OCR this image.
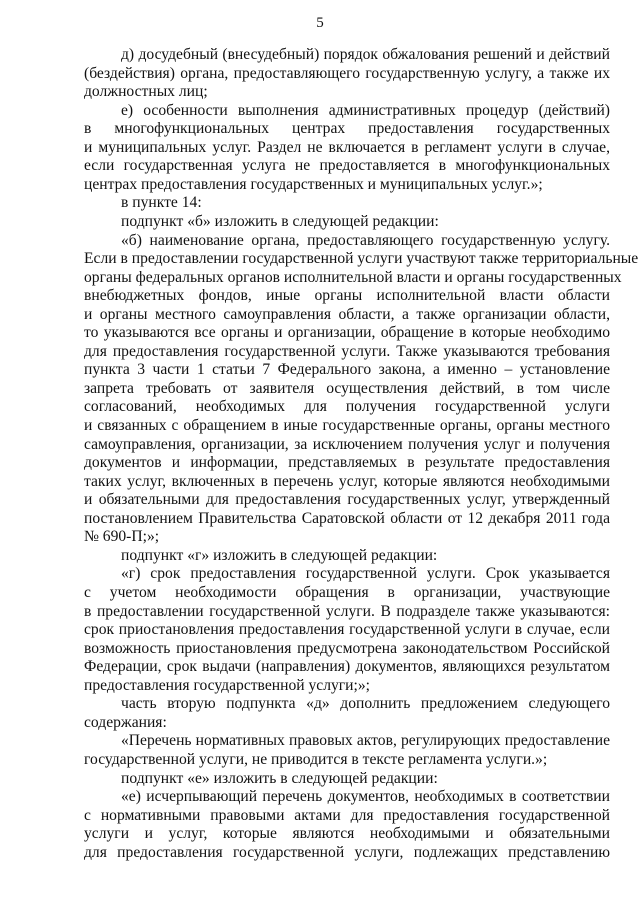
5
д) досудебный (внесудебный) порядок обжалования решений и действий
(бездействия) органа, предоставляющего государственную услугу, а также их
должностных лиц;
е) особенности выполнения административных процедур (действий)
в многофункциональных центрах предоставления государственных
и муниципальных услуг. Раздел не включается в регламент услуги в случае,
если государственная услуга не предоставляется в многофункциональных
центрах предоставления государственных и муниципальных услуг.»;
в пункте 14:
подпункт «б» изложить в следующей редакции:
«б) наименование органа, предоставляющего государственную услугу.
Если в предоставлении государственной услуги участвуют также территориальные
органы федеральных органов исполнительной власти и органы государственных
внебюджетных фондов, иные органы исполнительной власти области
и органы местного самоуправления области, а также организации области,
то указываются все органы и организации, обращение в которые необходимо
для предоставления государственной услуги. Также указываются требования
пункта 3 части 1 статьи 7 Федерального закона, а именно – установление
запрета требовать от заявителя осуществления действий, в том числе
согласований, необходимых для получения государственной услуги
и связанных с обращением в иные государственные органы, органы местного
самоуправления, организации, за исключением получения услуг и получения
документов и информации, представляемых в результате предоставления
таких услуг, включенных в перечень услуг, которые являются необходимыми
и обязательными для предоставления государственных услуг, утвержденный
постановлением Правительства Саратовской области от 12 декабря 2011 года
№ 690-П;»;
подпункт «г» изложить в следующей редакции:
«г) срок предоставления государственной услуги. Срок указывается
с учетом необходимости обращения в организации, участвующие
в предоставлении государственной услуги. В подразделе также указываются:
срок приостановления предоставления государственной услуги в случае, если
возможность приостановления предусмотрена законодательством Российской
Федерации, срок выдачи (направления) документов, являющихся результатом
предоставления государственной услуги;»;
часть вторую подпункта «д» дополнить предложением следующего
содержания:
«Перечень нормативных правовых актов, регулирующих предоставление
государственной услуги, не приводится в тексте регламента услуги.»;
подпункт «е» изложить в следующей редакции:
«е) исчерпывающий перечень документов, необходимых в соответствии
с нормативными правовыми актами для предоставления государственной
услуги и услуг, которые являются необходимыми и обязательными
для предоставления государственной услуги, подлежащих представлению
